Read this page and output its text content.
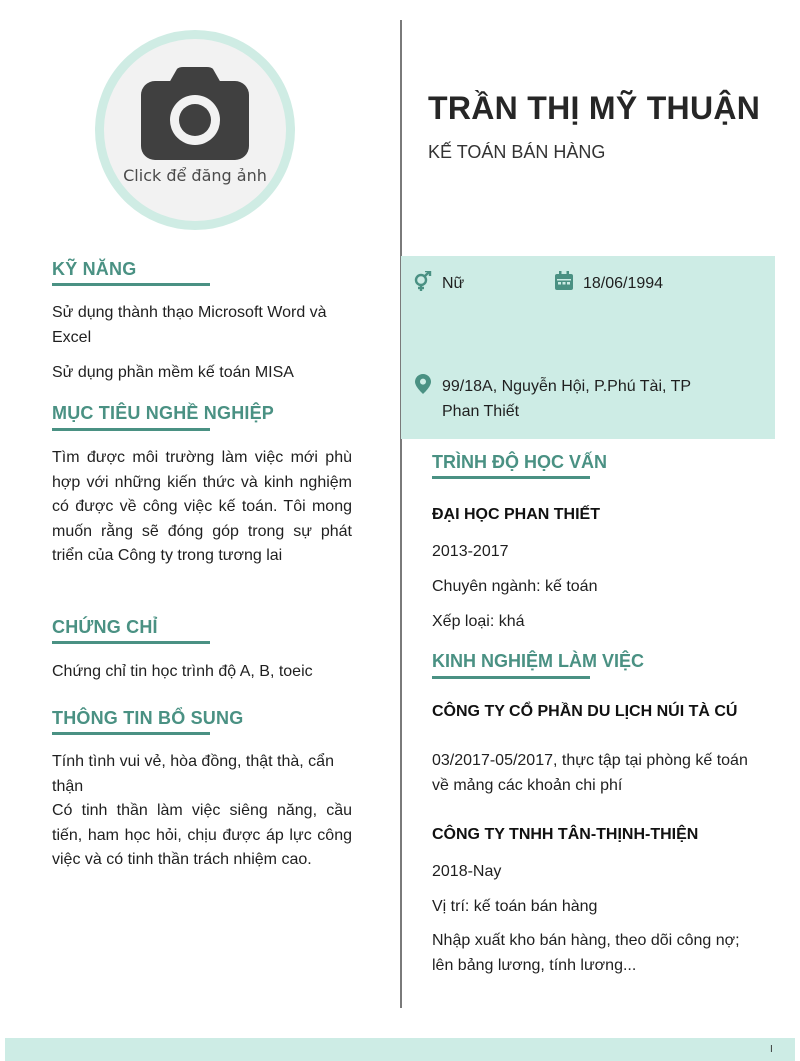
Click để đăng ảnh
TRẦN THỊ MỸ THUẬN
KẾ TOÁN BÁN HÀNG
Nữ	18/06/1994
99/18A, Nguyễn Hội, P.Phú Tài, TP
Phan Thiết
KỸ NĂNG
Sử dụng thành thạo Microsoft Word và Excel
Sử dụng phần mềm kế toán MISA
MỤC TIÊU NGHỀ NGHIỆP
Tìm được môi trường làm việc mới phù hợp với những kiến thức và kinh nghiệm có được về công việc kế toán. Tôi mong muốn rằng sẽ đóng góp trong sự phát triển của Công ty trong tương lai
CHỨNG CHỈ
Chứng chỉ tin học trình độ A, B, toeic
THÔNG TIN BỔ SUNG
Tính tình vui vẻ, hòa đồng, thật thà, cẩn thận
Có tinh thần làm việc siêng năng, cầu tiến, ham học hỏi, chịu được áp lực công việc và có tinh thần trách nhiệm cao.
TRÌNH ĐỘ HỌC VẤN
ĐẠI HỌC PHAN THIẾT
2013-2017
Chuyên ngành: kế toán
Xếp loại: khá
KINH NGHIỆM LÀM VIỆC
CÔNG TY CỔ PHẦN DU LỊCH NÚI TÀ CÚ
03/2017-05/2017, thực tập tại phòng kế toán về mảng các khoản chi phí
CÔNG TY TNHH TÂN-THỊNH-THIỆN
2018-Nay
Vị trí: kế toán bán hàng
Nhập xuất kho bán hàng, theo dõi công nợ; lên bảng lương, tính lương...
I
